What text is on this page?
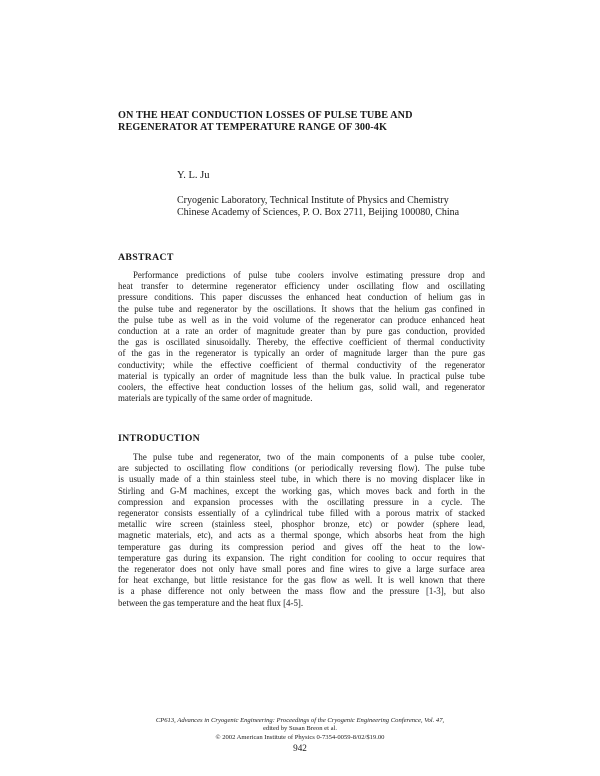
ON THE HEAT CONDUCTION LOSSES OF PULSE TUBE AND
REGENERATOR AT TEMPERATURE RANGE OF 300-4K
Y. L. Ju
Cryogenic Laboratory, Technical Institute of Physics and Chemistry
Chinese Academy of Sciences, P. O. Box 2711, Beijing 100080, China
ABSTRACT
Performance predictions of pulse tube coolers involve estimating pressure drop and
heat transfer to determine regenerator efficiency under oscillating flow and oscillating
pressure conditions. This paper discusses the enhanced heat conduction of helium gas in
the pulse tube and regenerator by the oscillations. It shows that the helium gas confined in
the pulse tube as well as in the void volume of the regenerator can produce enhanced heat
conduction at a rate an order of magnitude greater than by pure gas conduction, provided
the gas is oscillated sinusoidally. Thereby, the effective coefficient of thermal conductivity
of the gas in the regenerator is typically an order of magnitude larger than the pure gas
conductivity; while the effective coefficient of thermal conductivity of the regenerator
material is typically an order of magnitude less than the bulk value. In practical pulse tube
coolers, the effective heat conduction losses of the helium gas, solid wall, and regenerator
materials are typically of the same order of magnitude.
INTRODUCTION
The pulse tube and regenerator, two of the main components of a pulse tube cooler,
are subjected to oscillating flow conditions (or periodically reversing flow). The pulse tube
is usually made of a thin stainless steel tube, in which there is no moving displacer like in
Stirling and G-M machines, except the working gas, which moves back and forth in the
compression and expansion processes with the oscillating pressure in a cycle. The
regenerator consists essentially of a cylindrical tube filled with a porous matrix of stacked
metallic wire screen (stainless steel, phosphor bronze, etc) or powder (sphere lead,
magnetic materials, etc), and acts as a thermal sponge, which absorbs heat from the high
temperature gas during its compression period and gives off the heat to the low-
temperature gas during its expansion. The right condition for cooling to occur requires that
the regenerator does not only have small pores and fine wires to give a large surface area
for heat exchange, but little resistance for the gas flow as well. It is well known that there
is a phase difference not only between the mass flow and the pressure [1-3], but also
between the gas temperature and the heat flux [4-5].
CP613, Advances in Cryogenic Engineering: Proceedings of the Cryogenic Engineering Conference, Vol. 47,
edited by Susan Breon et al.
© 2002 American Institute of Physics 0-7354-0059-8/02/$19.00
942
